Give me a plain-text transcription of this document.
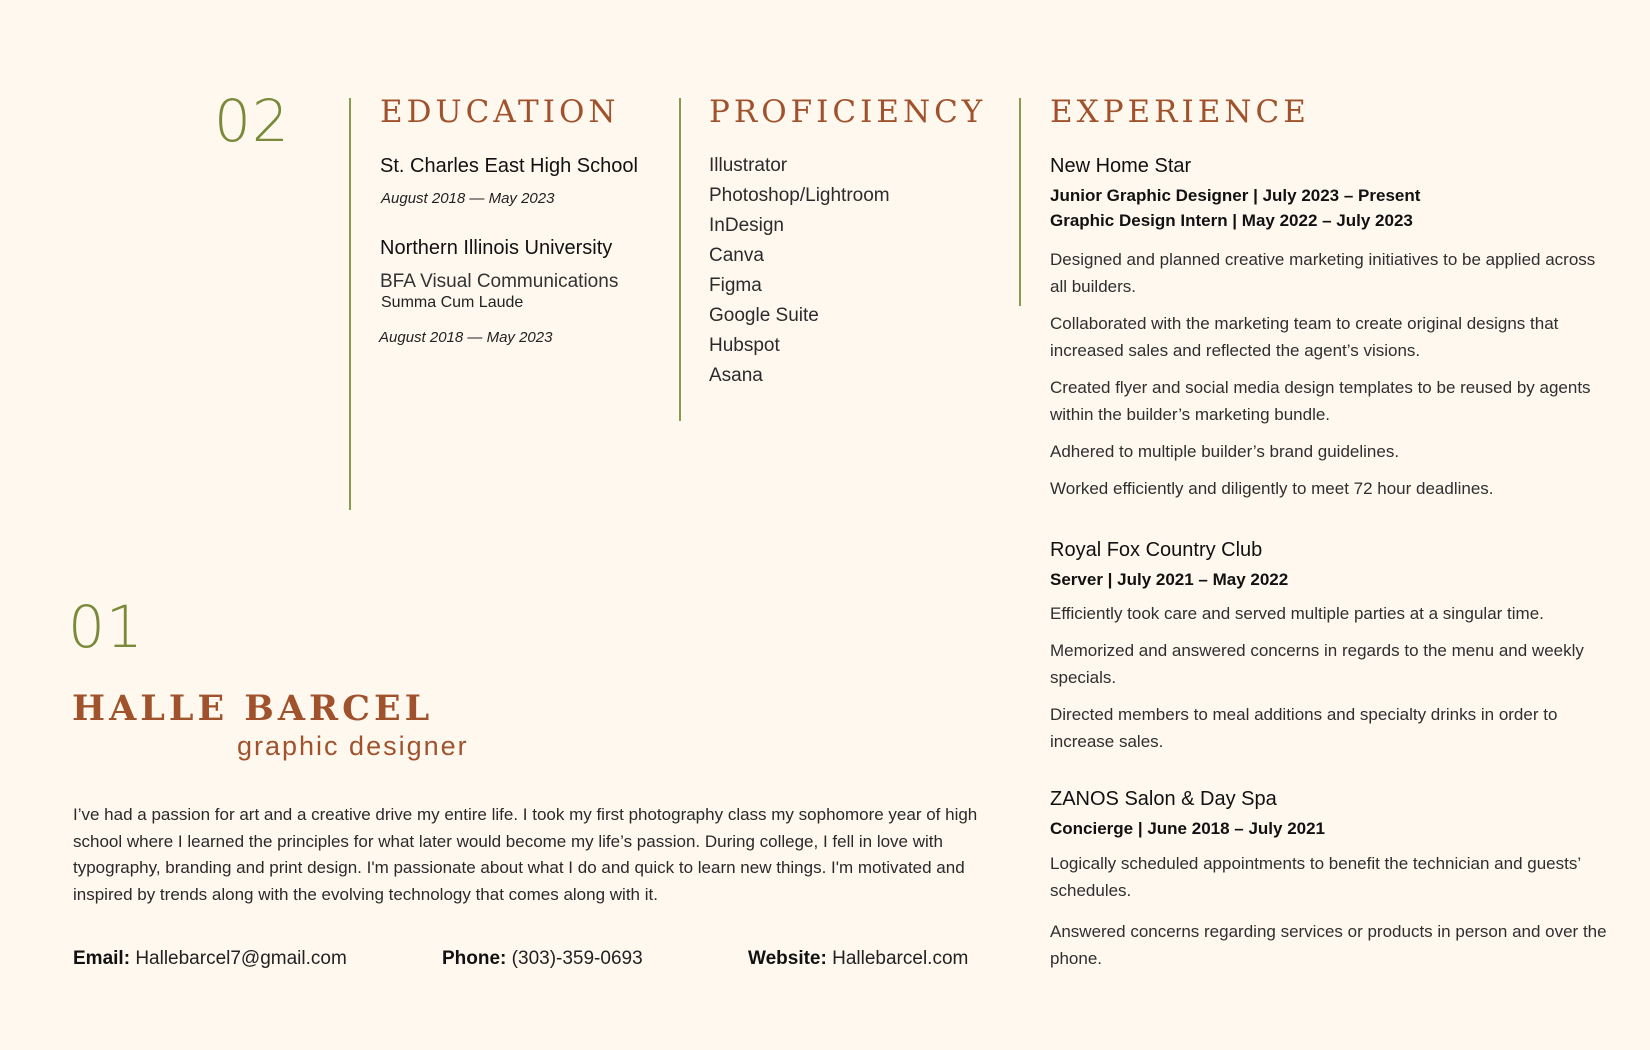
02	EDUCATION
St. Charles East High School
August 2018 — May 2023
Northern Illinois University
BFA Visual Communications
Summa Cum Laude
August 2018 — May 2023
PROFICIENCY
Illustrator
Photoshop/Lightroom
InDesign
Canva
Figma
Google Suite
Hubspot
Asana
EXPERIENCE
New Home Star
Junior Graphic Designer | July 2023 – Present
Graphic Design Intern | May 2022 – July 2023

Designed and planned creative marketing initiatives to be applied across all builders.

Collaborated with the marketing team to create original designs that increased sales and reflected the agent’s visions.

Created flyer and social media design templates to be reused by agents within the builder’s marketing bundle.

Adhered to multiple builder’s brand guidelines.

Worked efficiently and diligently to meet 72 hour deadlines.

Royal Fox Country Club
Server | July 2021 – May 2022

Efficiently took care and served multiple parties at a singular time.

Memorized and answered concerns in regards to the menu and weekly specials.

Directed members to meal additions and specialty drinks in order to increase sales.

ZANOS Salon & Day Spa
Concierge | June 2018 – July 2021

Logically scheduled appointments to benefit the technician and guests’ schedules.

Answered concerns regarding services or products in person and over the phone.

01
HALLE BARCEL
graphic designer
I’ve had a passion for art and a creative drive my entire life. I took my first photography class my sophomore year of high school where I learned the principles for what later would become my life’s passion. During college, I fell in love with typography, branding and print design. I'm passionate about what I do and quick to learn new things. I'm motivated and inspired by trends along with the evolving technology that comes along with it.
Email: Hallebarcel7@gmail.com	Phone: (303)-359-0693	Website: Hallebarcel.com
